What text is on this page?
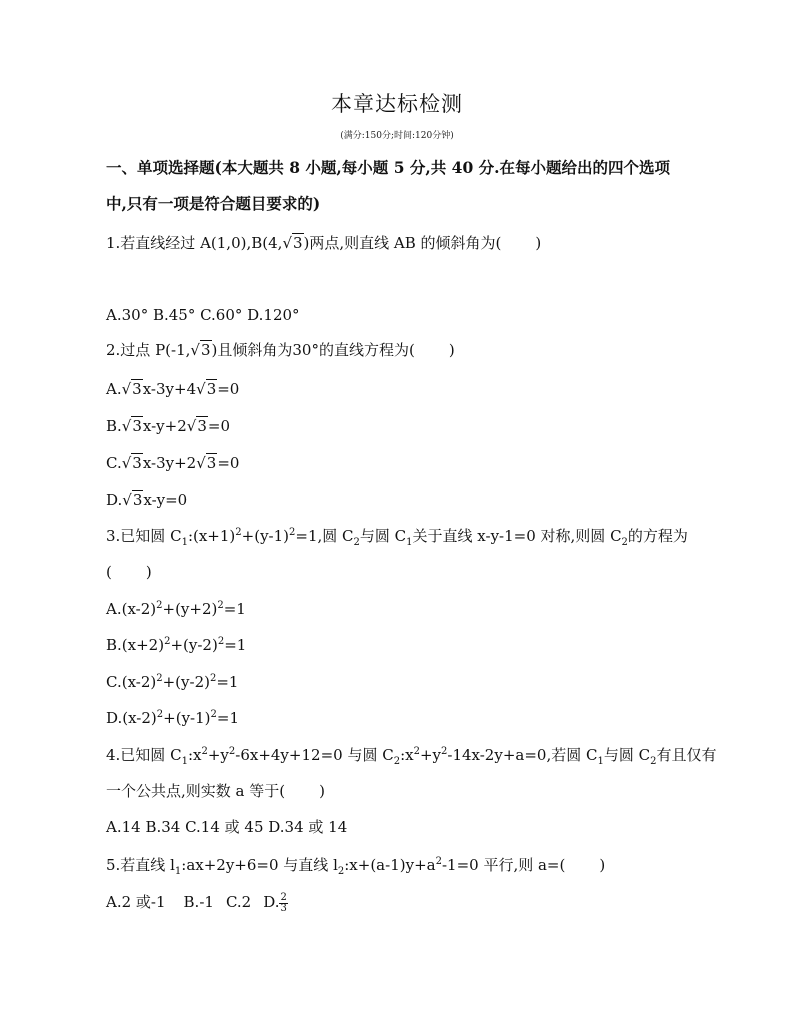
本章达标检测
(满分:150分;时间:120分钟)
一、单项选择题(本大题共 8 小题,每小题 5 分,共 40 分.在每小题给出的四个选项
中,只有一项是符合题目要求的)
1.若直线经过 A(1,0),B(4,√3)两点,则直线 AB 的倾斜角为( )
A.30° B.45° C.60° D.120°
2.过点 P(-1,√3)且倾斜角为30°的直线方程为( )
A.√3x-3y+4√3=0
B.√3x-y+2√3=0
C.√3x-3y+2√3=0
D.√3x-y=0
3.已知圆 $C_1:(x+1)^2+(y-1)^2=1$,圆 $C_2$与圆 $C_1$关于直线 x-y-1=0 对称,则圆 $C_2$的方程为
( )
$A.(x-2)^2+(y+2)^2=1$
$B.(x+2)^2+(y-2)^2=1$
$C.(x-2)^2+(y-2)^2=1$
$D.(x-2)^2+(y-1)^2=1$
4.已知圆 $C_1:x^2+y^2-6x+4y+12=0$ 与圆 $C_2:x^2+y^2-14x-2y+a=0$,若圆 $C_1$与圆 $C_2$有且仅有
一个公共点,则实数 a 等于( )
A.14 B.34 C.14 或 45 D.34 或 14
5.若直线 $l_1:ax+2y+6=0$ 与直线 $l_2:x+(a-1)y+a^2-1=0$ 平行,则 a=( )
A.2 或-1 B.-1 C.2 D. $\frac{2}{3}$
